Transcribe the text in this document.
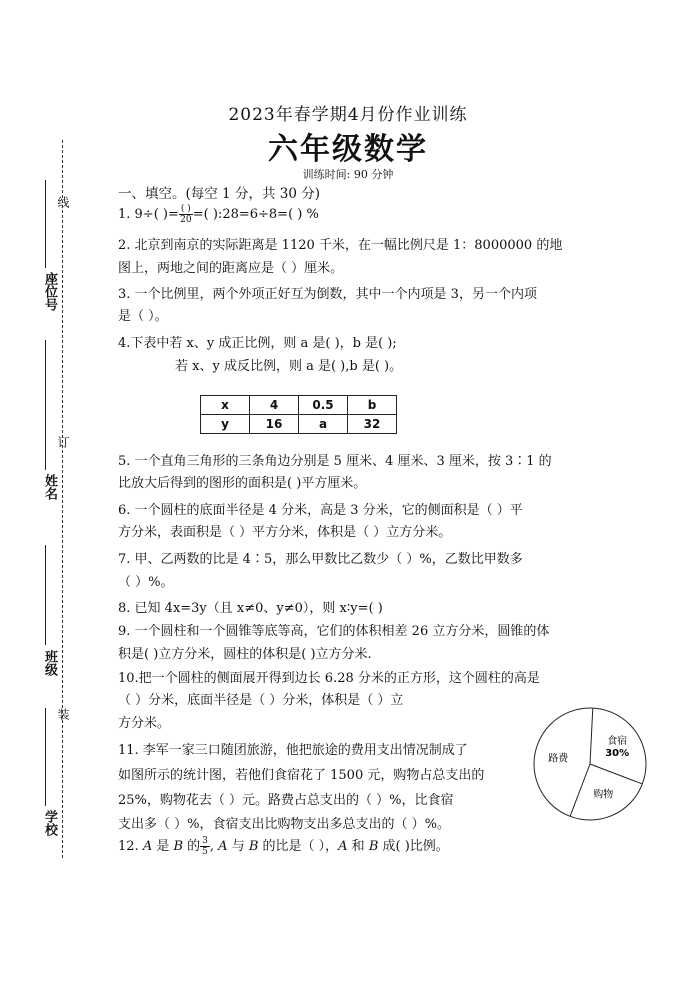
座位号
线
姓名
订
班级
装
学校
2023年春学期4月份作业训练
六年级数学
训练时间: 90 分钟
一、填空。(每空 1 分，共 30 分)
1. 9÷( )= $\frac{( )}{20}$ =( ):28=6÷8=( ) %
2. 北京到南京的实际距离是 1120 千米，在一幅比例尺是 1：8000000 的地
图上，两地之间的距离应是（ ）厘米。
3. 一个比例里，两个外项正好互为倒数，其中一个内项是 3，另一个内项
是（ ）。
4.下表中若 x、y 成正比例，则 a 是( )，b 是( );
若 x、y 成反比例，则 a 是( ),b 是( )。
x	4	0.5	b
y	16	a	32
5. 一个直角三角形的三条角边分别是 5 厘米、4 厘米、3 厘米，按 3∶1 的
比放大后得到的图形的面积是( )平方厘米。
6. 一个圆柱的底面半径是 4 分米，高是 3 分米，它的侧面积是（ ）平
方分米，表面积是（ ）平方分米，体积是（ ）立方分米。
7. 甲、乙两数的比是 4∶5，那么甲数比乙数少（ ）%，乙数比甲数多
（ ）%。
8. 已知 4x=3y（且 x≠0、y≠0），则 x∶y=( )
9. 一个圆柱和一个圆锥等底等高，它们的体积相差 26 立方分米，圆锥的体
积是( )立方分米，圆柱的体积是( )立方分米.
10.把一个圆柱的侧面展开得到边长 6.28 分米的正方形，这个圆柱的高是
（ ）分米，底面半径是（ ）分米，体积是（ ）立
方分米。
11. 李军一家三口随团旅游，他把旅途的费用支出情况制成了
如图所示的统计图，若他们食宿花了 1500 元，购物占总支出的
25%，购物花去（ ）元。路费占总支出的（ ）%，比食宿
支出多（ ）%，食宿支出比购物支出多总支出的（ ）%。
12. A 是 B 的 $\frac{3}{5}$ , A 与 B 的比是（ ），A 和 B 成( )比例。
食宿
30%
购物
路费
